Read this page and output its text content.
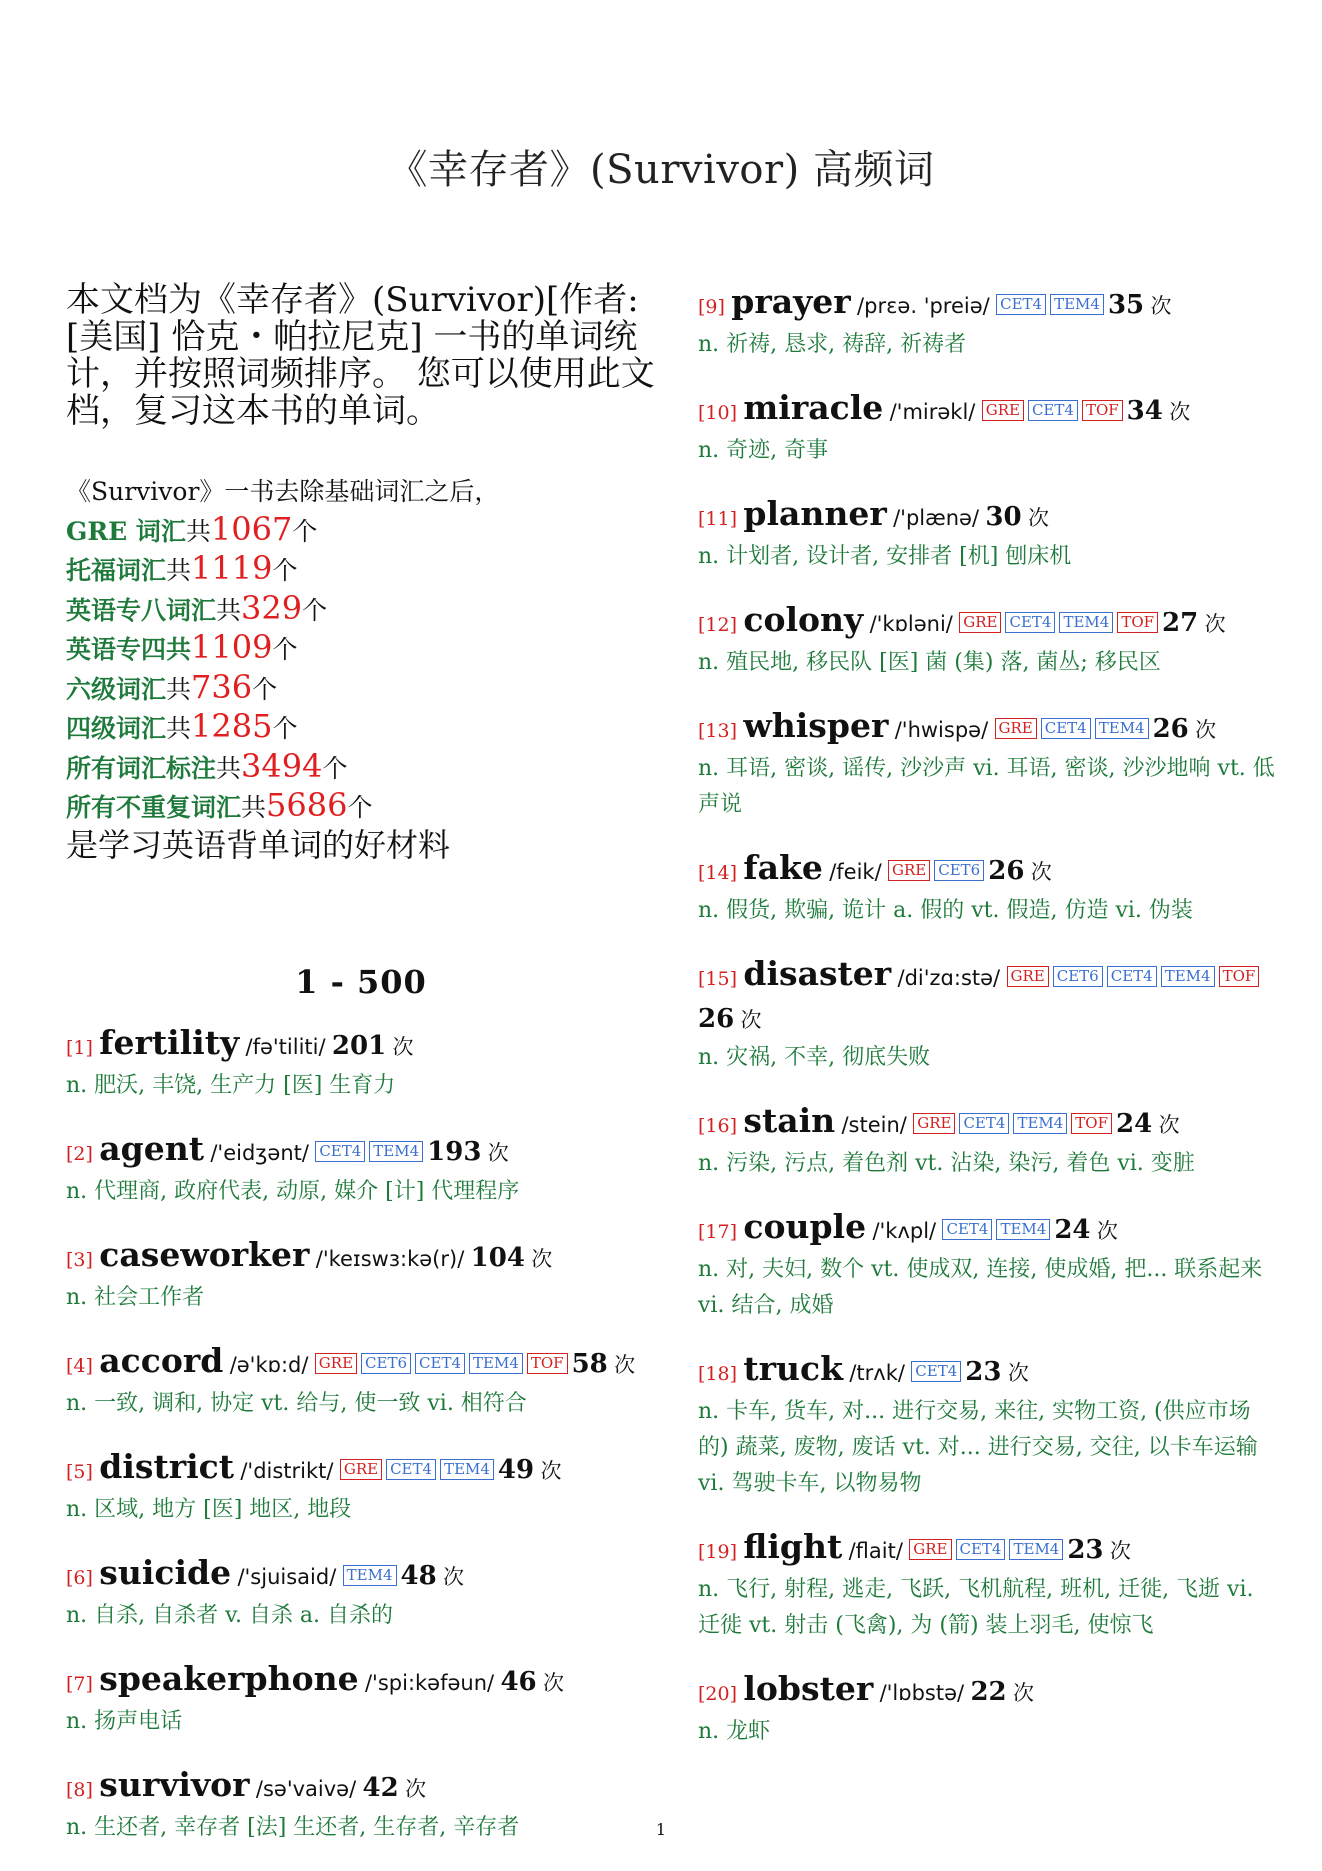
《幸存者》(Survivor) 高频词
本文档为《幸存者》(Survivor)[作者: [美国] 恰克・帕拉尼克] 一书的单词统计，并按照词频排序。 您可以使用此文档，复习这本书的单词。
《Survivor》一书去除基础词汇之后，
GRE 词汇共1067个
托福词汇共1119个
英语专八词汇共329个
英语专四共1109个
六级词汇共736个
四级词汇共1285个
所有词汇标注共3494个
所有不重复词汇共5686个
是学习英语背单词的好材料
1 - 500
[1] fertility /fə'tiliti/ 201 次
n. 肥沃, 丰饶, 生产力 [医] 生育力
[2] agent /'eidʒənt/ CET4 TEM4 193 次
n. 代理商, 政府代表, 动原, 媒介 [计] 代理程序
[3] caseworker /'keɪswɜ:kə(r)/ 104 次
n. 社会工作者
[4] accord /ə'kɒ:d/ GRE CET6 CET4 TEM4 TOF 58 次
n. 一致, 调和, 协定 vt. 给与, 使一致 vi. 相符合
[5] district /'distrikt/ GRE CET4 TEM4 49 次
n. 区域, 地方 [医] 地区, 地段
[6] suicide /'sjuisaid/ TEM4 48 次
n. 自杀, 自杀者 v. 自杀 a. 自杀的
[7] speakerphone /'spi:kəfəun/ 46 次
n. 扬声电话
[8] survivor /sə'vaivə/ 42 次
n. 生还者, 幸存者 [法] 生还者, 生存者, 辛存者
[9] prayer /prɛə. 'preiə/ CET4 TEM4 35 次
n. 祈祷, 恳求, 祷辞, 祈祷者
[10] miracle /'mirəkl/ GRE CET4 TOF 34 次
n. 奇迹, 奇事
[11] planner /'plænə/ 30 次
n. 计划者, 设计者, 安排者 [机] 刨床机
[12] colony /'kɒləni/ GRE CET4 TEM4 TOF 27 次
n. 殖民地, 移民队 [医] 菌 (集) 落, 菌丛; 移民区
[13] whisper /'hwispə/ GRE CET4 TEM4 26 次
n. 耳语, 密谈, 谣传, 沙沙声 vi. 耳语, 密谈, 沙沙地响 vt. 低声说
[14] fake /feik/ GRE CET6 26 次
n. 假货, 欺骗, 诡计 a. 假的 vt. 假造, 仿造 vi. 伪装
[15] disaster /di'zɑ:stə/ GRE CET6 CET4 TEM4 TOF26 次
n. 灾祸, 不幸, 彻底失败
[16] stain /stein/ GRE CET4 TEM4 TOF 24 次
n. 污染, 污点, 着色剂 vt. 沾染, 染污, 着色 vi. 变脏
[17] couple /'kʌpl/ CET4 TEM4 24 次
n. 对, 夫妇, 数个 vt. 使成双, 连接, 使成婚, 把... 联系起来 vi. 结合, 成婚
[18] truck /trʌk/ CET4 23 次
n. 卡车, 货车, 对... 进行交易, 来往, 实物工资, (供应市场的) 蔬菜, 废物, 废话 vt. 对... 进行交易, 交往, 以卡车运输 vi. 驾驶卡车, 以物易物
[19] flight /flait/ GRE CET4 TEM4 23 次
n. 飞行, 射程, 逃走, 飞跃, 飞机航程, 班机, 迁徙, 飞逝 vi. 迁徙 vt. 射击 (飞禽), 为 (箭) 装上羽毛, 使惊飞
[20] lobster /'lɒbstə/ 22 次
n. 龙虾
1
